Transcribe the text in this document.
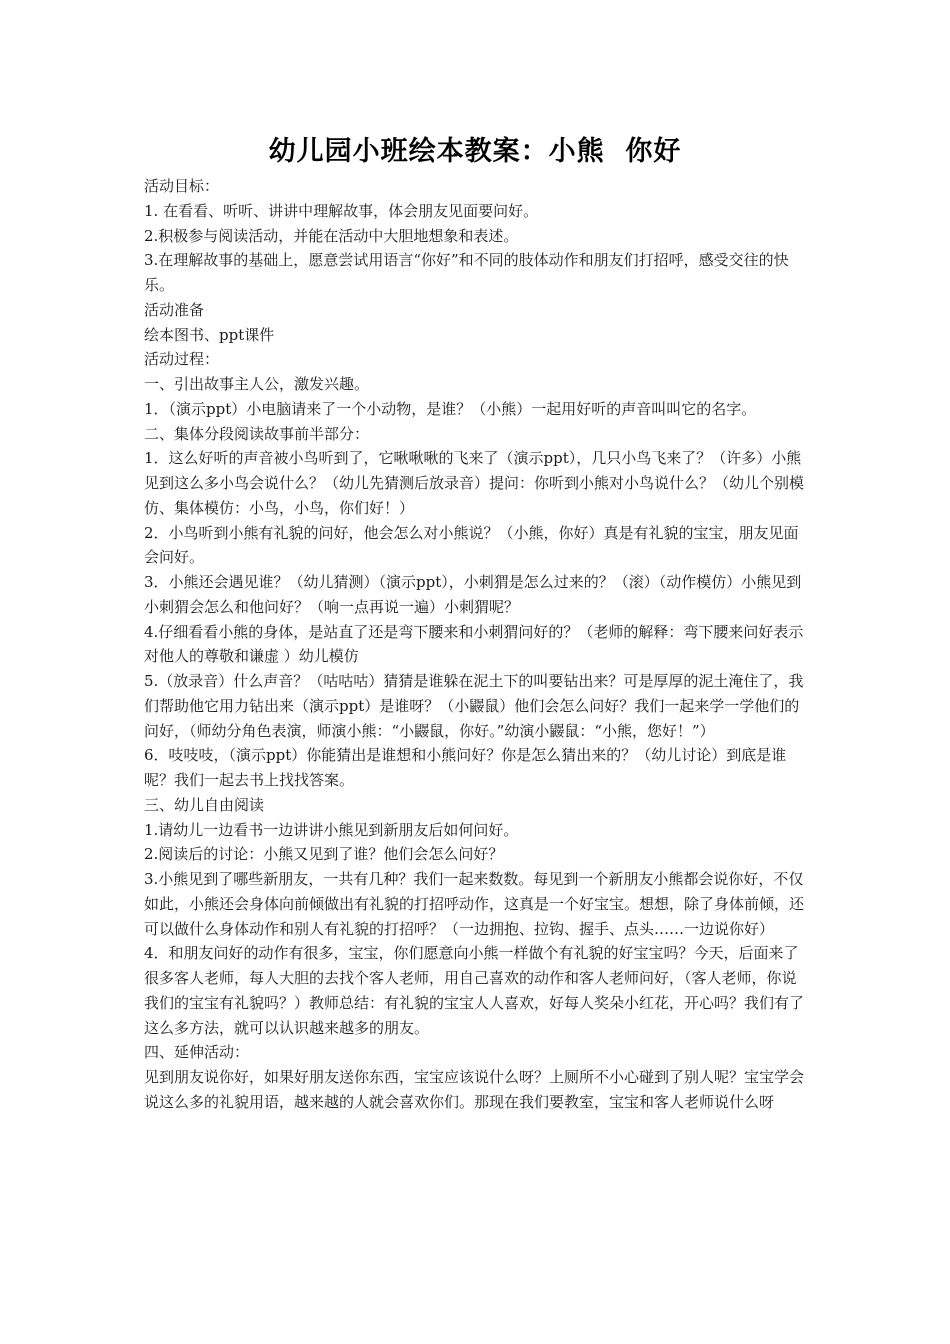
幼儿园小班绘本教案：小熊  你好

活动目标：

1. 在看看、听听、讲讲中理解故事，体会朋友见面要问好。

2.积极参与阅读活动，并能在活动中大胆地想象和表述。

3.在理解故事的基础上，愿意尝试用语言“你好”和不同的肢体动作和朋友们打招呼，感受交往的快乐。

活动准备

绘本图书、ppt课件

活动过程：

一、引出故事主人公，激发兴趣。

1．（演示ppt）小电脑请来了一个小动物，是谁？（小熊）一起用好听的声音叫叫它的名字。

二、集体分段阅读故事前半部分：

1．这么好听的声音被小鸟听到了，它啾啾啾的飞来了（演示ppt），几只小鸟飞来了？（许多）小熊见到这么多小鸟会说什么？（幼儿先猜测后放录音）提问：你听到小熊对小鸟说什么？（幼儿个别模仿、集体模仿：小鸟，小鸟，你们好！）

2．小鸟听到小熊有礼貌的问好，他会怎么对小熊说？（小熊，你好）真是有礼貌的宝宝，朋友见面会问好。

3．小熊还会遇见谁？（幼儿猜测）（演示ppt），小刺猬是怎么过来的？（滚）（动作模仿）小熊见到小刺猬会怎么和他问好？（响一点再说一遍）小刺猬呢？

4.仔细看看小熊的身体，是站直了还是弯下腰来和小刺猬问好的？（老师的解释：弯下腰来问好表示对他人的尊敬和谦虚 ）幼儿模仿

5.（放录音）什么声音？（咕咕咕）猜猜是谁躲在泥土下的叫要钻出来？可是厚厚的泥土淹住了，我们帮助他它用力钻出来（演示ppt）是谁呀？（小鼹鼠）他们会怎么问好？我们一起来学一学他们的问好，（师幼分角色表演，师演小熊：“小鼹鼠，你好。”幼演小鼹鼠：“小熊，您好！”）

6．吱吱吱，（演示ppt）你能猜出是谁想和小熊问好？你是怎么猜出来的？（幼儿讨论）到底是谁呢？我们一起去书上找找答案。

三、幼儿自由阅读

1.请幼儿一边看书一边讲讲小熊见到新朋友后如何问好。

2.阅读后的讨论：小熊又见到了谁？他们会怎么问好？

3.小熊见到了哪些新朋友，一共有几种？我们一起来数数。每见到一个新朋友小熊都会说你好，不仅如此，小熊还会身体向前倾做出有礼貌的打招呼动作，这真是一个好宝宝。想想，除了身体前倾，还可以做什么身体动作和别人有礼貌的打招呼？（一边拥抱、拉钩、握手、点头……一边说你好）

4．和朋友问好的动作有很多，宝宝，你们愿意向小熊一样做个有礼貌的好宝宝吗？今天，后面来了很多客人老师，每人大胆的去找个客人老师，用自己喜欢的动作和客人老师问好，（客人老师，你说我们的宝宝有礼貌吗？）教师总结：有礼貌的宝宝人人喜欢，好每人奖朵小红花，开心吗？我们有了这么多方法，就可以认识越来越多的朋友。

四、延伸活动：

见到朋友说你好，如果好朋友送你东西，宝宝应该说什么呀？上厕所不小心碰到了别人呢？宝宝学会说这么多的礼貌用语，越来越的人就会喜欢你们。那现在我们要教室，宝宝和客人老师说什么呀
